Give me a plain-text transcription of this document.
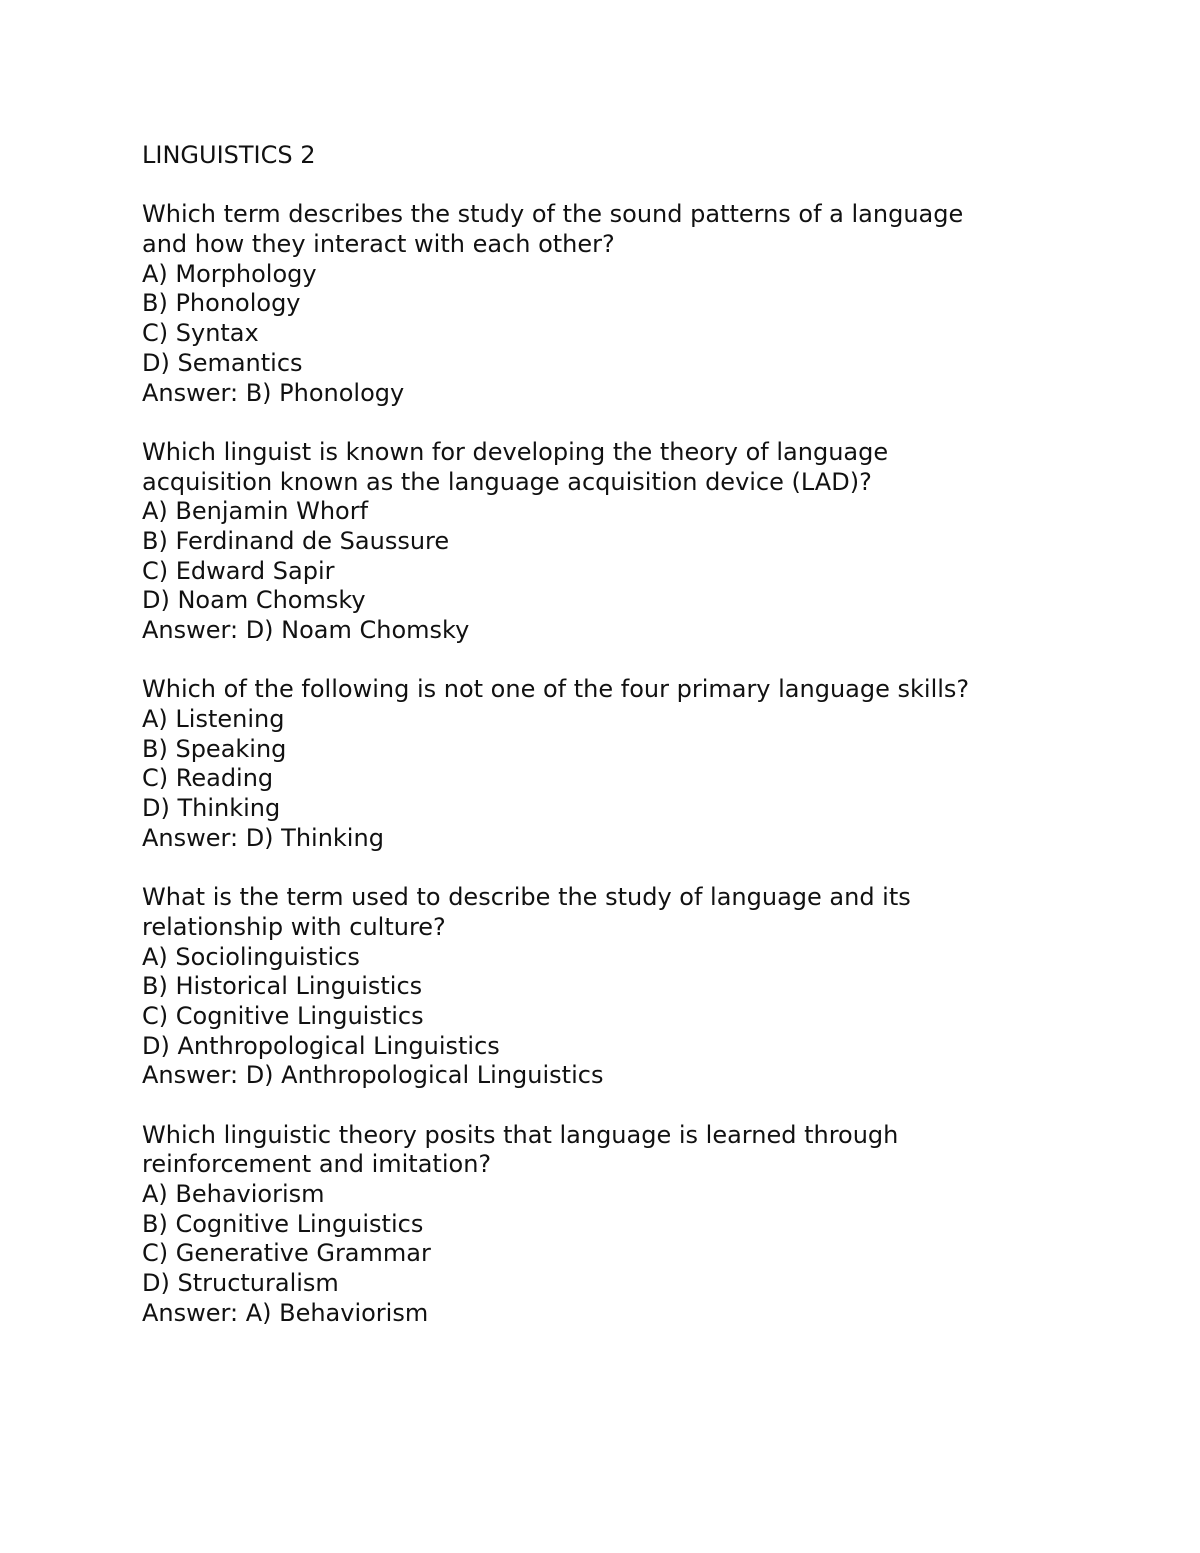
LINGUISTICS 2
Which term describes the study of the sound patterns of a language
and how they interact with each other?
A) Morphology
B) Phonology
C) Syntax
D) Semantics
Answer: B) Phonology
Which linguist is known for developing the theory of language
acquisition known as the language acquisition device (LAD)?
A) Benjamin Whorf
B) Ferdinand de Saussure
C) Edward Sapir
D) Noam Chomsky
Answer: D) Noam Chomsky
Which of the following is not one of the four primary language skills?
A) Listening
B) Speaking
C) Reading
D) Thinking
Answer: D) Thinking
What is the term used to describe the study of language and its
relationship with culture?
A) Sociolinguistics
B) Historical Linguistics
C) Cognitive Linguistics
D) Anthropological Linguistics
Answer: D) Anthropological Linguistics
Which linguistic theory posits that language is learned through
reinforcement and imitation?
A) Behaviorism
B) Cognitive Linguistics
C) Generative Grammar
D) Structuralism
Answer: A) Behaviorism
